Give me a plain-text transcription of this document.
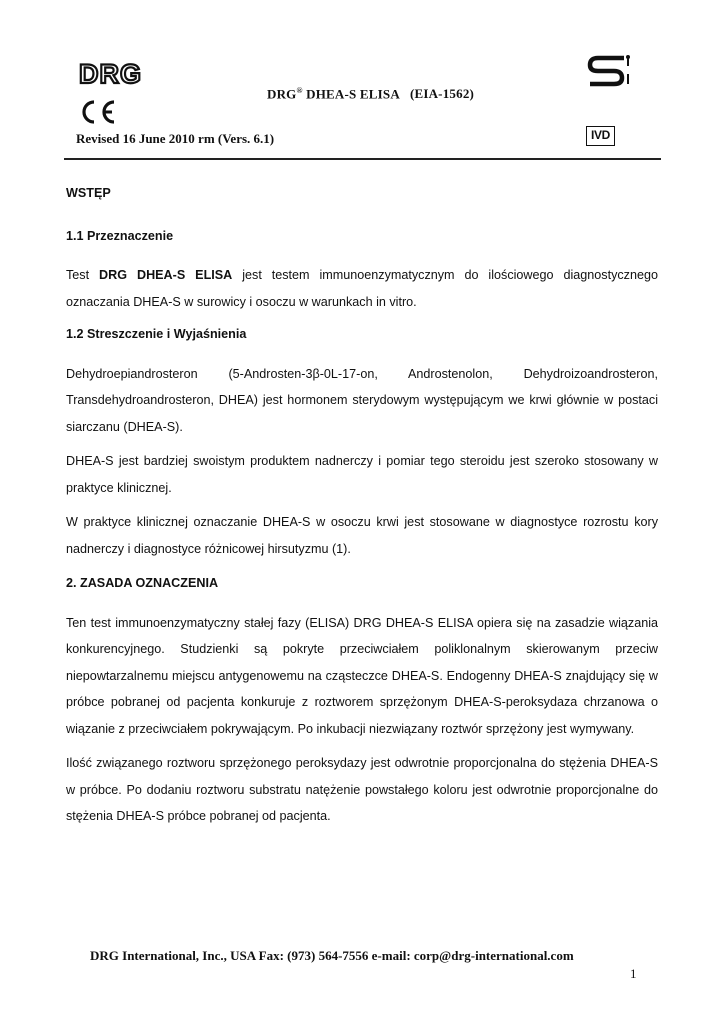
DRG
DRG® DHEA-S ELISA (EIA-1562)
Revised 16 June 2010 rm (Vers. 6.1)	IVD
WSTĘP
1.1 Przeznaczenie

Test DRG DHEA-S ELISA jest testem immunoenzymatycznym do ilościowego diagnostycznego oznaczania DHEA-S w surowicy i osoczu w warunkach in vitro.

1.2 Streszczenie i Wyjaśnienia

Dehydroepiandrosteron (5-Androsten-3β-0L-17-on, Androstenolon, Dehydroizoandrosteron, Transdehydroandrosteron, DHEA) jest hormonem sterydowym występującym we krwi głównie w postaci siarczanu (DHEA-S).

DHEA-S jest bardziej swoistym produktem nadnerczy i pomiar tego steroidu jest szeroko stosowany w praktyce klinicznej.

W praktyce klinicznej oznaczanie DHEA-S w osoczu krwi jest stosowane w diagnostyce rozrostu kory nadnerczy i diagnostyce różnicowej hirsutyzmu (1).

2. ZASADA OZNACZENIA

Ten test immunoenzymatyczny stałej fazy (ELISA) DRG DHEA-S ELISA opiera się na zasadzie wiązania konkurencyjnego. Studzienki są pokryte przeciwciałem poliklonalnym skierowanym przeciw niepowtarzalnemu miejscu antygenowemu na cząsteczce DHEA-S. Endogenny DHEA-S znajdujący się w próbce pobranej od pacjenta konkuruje z roztworem sprzężonym DHEA-S-peroksydaza chrzanowa o wiązanie z przeciwciałem pokrywającym. Po inkubacji niezwiązany roztwór sprzężony jest wymywany.

Ilość związanego roztworu sprzężonego peroksydazy jest odwrotnie proporcjonalna do stężenia DHEA-S w próbce. Po dodaniu roztworu substratu natężenie powstałego koloru jest odwrotnie proporcjonalne do stężenia DHEA-S próbce pobranej od pacjenta.

DRG International, Inc., USA Fax: (973) 564-7556 e-mail: corp@drg-international.com
1
